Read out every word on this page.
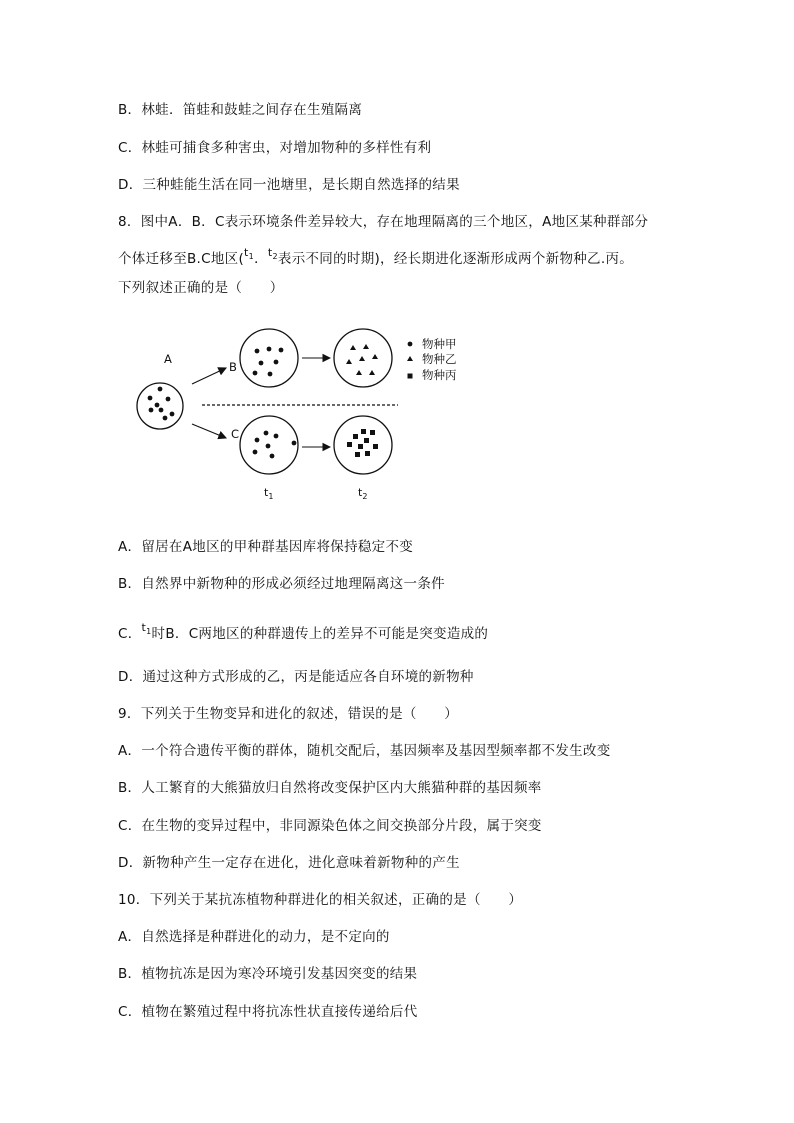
B．林蛙．笛蛙和鼓蛙之间存在生殖隔离
C．林蛙可捕食多种害虫，对增加物种的多样性有利
D．三种蛙能生活在同一池塘里，是长期自然选择的结果
8．图中A．B．C表示环境条件差异较大，存在地理隔离的三个地区，A地区某种群部分
个体迁移至B.C地区($^{t_1}$．$^{t_2}$表示不同的时期)，经长期进化逐渐形成两个新物种乙.丙。
下列叙述正确的是（　　）
A
B
C
$t_1$	$t_2$
物种甲
物种乙
物种丙
A．留居在A地区的甲种群基因库将保持稳定不变
B．自然界中新物种的形成必须经过地理隔离这一条件
C．$^{t_1}$时B．C两地区的种群遗传上的差异不可能是突变造成的
D．通过这种方式形成的乙，丙是能适应各自环境的新物种
9．下列关于生物变异和进化的叙述，错误的是（　　）
A．一个符合遗传平衡的群体，随机交配后，基因频率及基因型频率都不发生改变
B．人工繁育的大熊猫放归自然将改变保护区内大熊猫种群的基因频率
C．在生物的变异过程中，非同源染色体之间交换部分片段，属于突变
D．新物种产生一定存在进化，进化意味着新物种的产生
10．下列关于某抗冻植物种群进化的相关叙述，正确的是（　　）
A．自然选择是种群进化的动力，是不定向的
B．植物抗冻是因为寒冷环境引发基因突变的结果
C．植物在繁殖过程中将抗冻性状直接传递给后代
